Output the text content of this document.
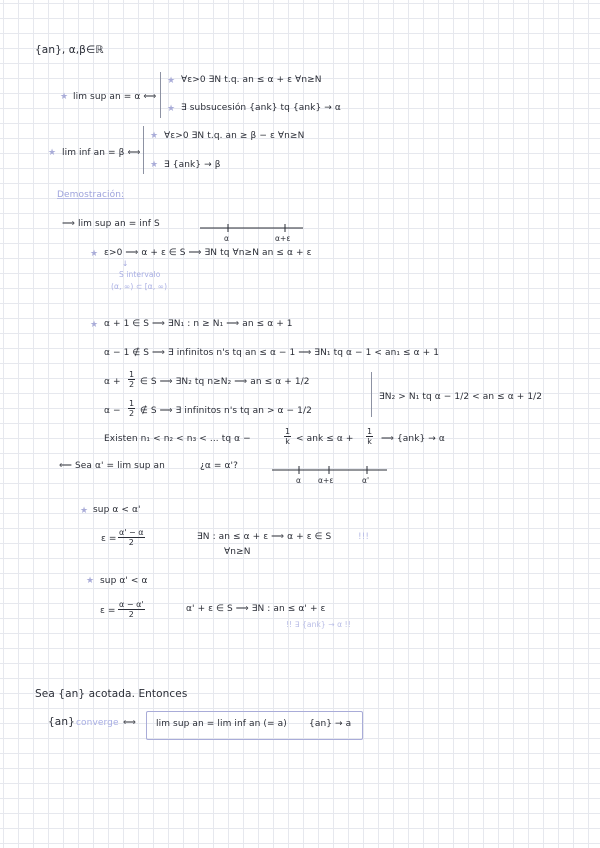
{an}, α,β∈ℝ
★ lim sup an = α ⟺
★ ∀ε>0 ∃N t.q. an ≤ α + ε ∀n≥N
★ ∃ subsucesión {ank} tq {ank} → α
★ lim inf an = β ⟺
★ ∀ε>0 ∃N t.q. an ≥ β − ε ∀n≥N
★ ∃ {ank} → β
Demostración:
⟹ lim sup an = inf S
α	α+ε
★ ε>0 ⟹ α + ε ∈ S ⟹ ∃N tq ∀n≥N an ≤ α + ε
↓
S intervalo
(α, ∞) ⊂ [α, ∞)
★ α + 1 ∈ S ⟹ ∃N₁ : n ≥ N₁ ⟹ an ≤ α + 1
α − 1 ∉ S ⟹ ∃ infinitos n's tq an ≤ α − 1 ⟹ ∃N₁ tq α − 1 < an₁ ≤ α + 1
$\alpha + \frac{1}{2}$ ∈ S ⟹ ∃N₂ tq n≥N₂ ⟹ an ≤ α + 1/2
$\alpha - \frac{1}{2}$ ∉ S ⟹ ∃ infinitos n's tq an > α − 1/2
∃N₂ > N₁ tq α − 1/2 < an ≤ α + 1/2
Existen n₁ < n₂ < n₃ < ... tq α −	$\frac{1}{k}$ < ank ≤ $\alpha + \frac{1}{k}$ ⟹ {ank} → α
⟸ Sea α' = lim sup an	¿α = α'?
α α+ε	α'
★ sup α < α'
$\varepsilon = \frac{\alpha' - \alpha}{2}$	∃N : an ≤ α + ε ⟹ α + ε ∈ S	!!!
∀n≥N
★ sup α' < α
$\varepsilon = \frac{\alpha - \alpha'}{2}$	α' + ε ∈ S ⟹ ∃N : an ≤ α' + ε
!! ∃ {ank} → α !!
Sea {an} acotada. Entonces
{an} converge ⟺ lim sup an = lim inf an (= a) {an} → a
